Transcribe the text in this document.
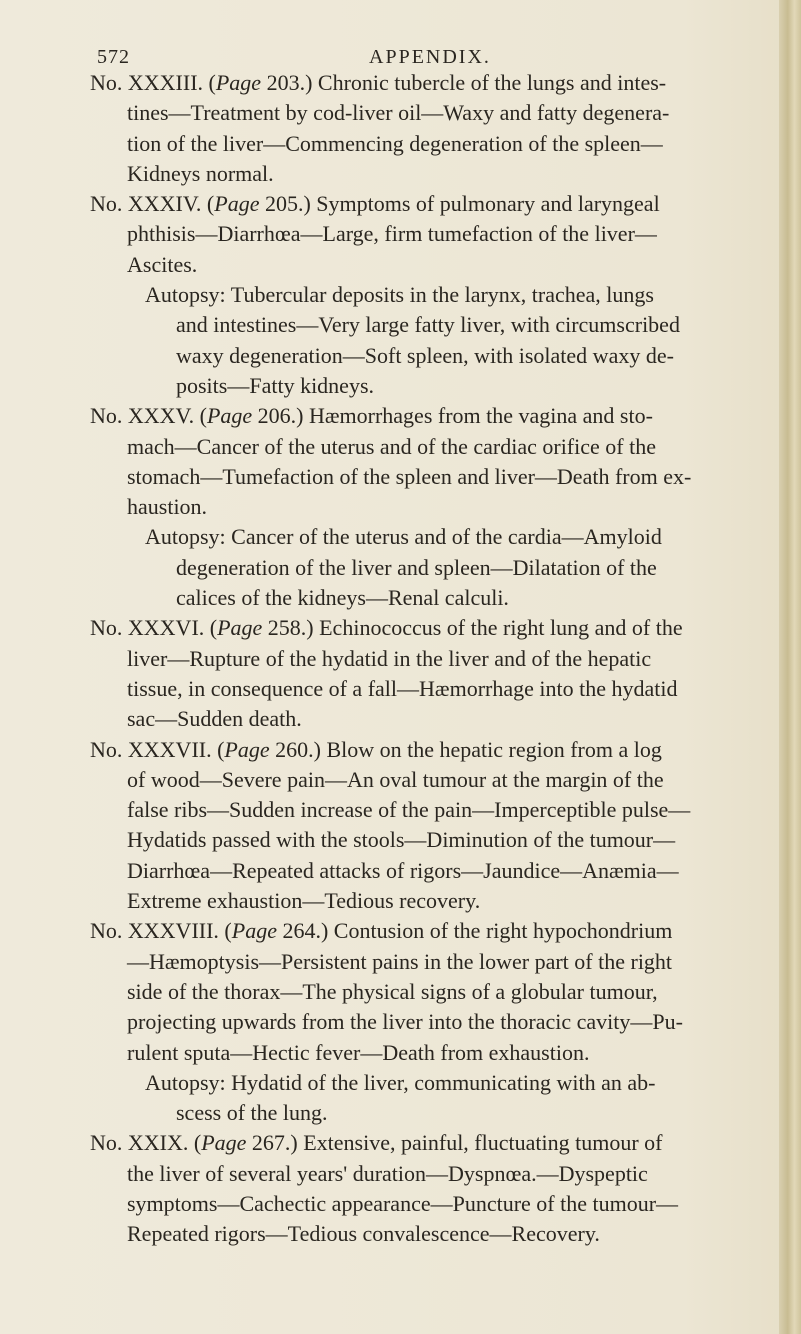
572	APPENDIX.
No. XXXIII. (Page 203.) Chronic tubercle of the lungs and intes-
tines—Treatment by cod-liver oil—Waxy and fatty degenera-
tion of the liver—Commencing degeneration of the spleen—
Kidneys normal.
No. XXXIV. (Page 205.) Symptoms of pulmonary and laryngeal
phthisis—Diarrhœa—Large, firm tumefaction of the liver—
Ascites.
Autopsy: Tubercular deposits in the larynx, trachea, lungs
and intestines—Very large fatty liver, with circumscribed
waxy degeneration—Soft spleen, with isolated waxy de-
posits—Fatty kidneys.
No. XXXV. (Page 206.) Hæmorrhages from the vagina and sto-
mach—Cancer of the uterus and of the cardiac orifice of the
stomach—Tumefaction of the spleen and liver—Death from ex-
haustion.
Autopsy: Cancer of the uterus and of the cardia—Amyloid
degeneration of the liver and spleen—Dilatation of the
calices of the kidneys—Renal calculi.
No. XXXVI. (Page 258.) Echinococcus of the right lung and of the
liver—Rupture of the hydatid in the liver and of the hepatic
tissue, in consequence of a fall—Hæmorrhage into the hydatid
sac—Sudden death.
No. XXXVII. (Page 260.) Blow on the hepatic region from a log
of wood—Severe pain—An oval tumour at the margin of the
false ribs—Sudden increase of the pain—Imperceptible pulse—
Hydatids passed with the stools—Diminution of the tumour—
Diarrhœa—Repeated attacks of rigors—Jaundice—Anæmia—
Extreme exhaustion—Tedious recovery.
No. XXXVIII. (Page 264.) Contusion of the right hypochondrium
—Hæmoptysis—Persistent pains in the lower part of the right
side of the thorax—The physical signs of a globular tumour,
projecting upwards from the liver into the thoracic cavity—Pu-
rulent sputa—Hectic fever—Death from exhaustion.
Autopsy: Hydatid of the liver, communicating with an ab-
scess of the lung.
No. XXIX. (Page 267.) Extensive, painful, fluctuating tumour of
the liver of several years' duration—Dyspnœa.—Dyspeptic
symptoms—Cachectic appearance—Puncture of the tumour—
Repeated rigors—Tedious convalescence—Recovery.
